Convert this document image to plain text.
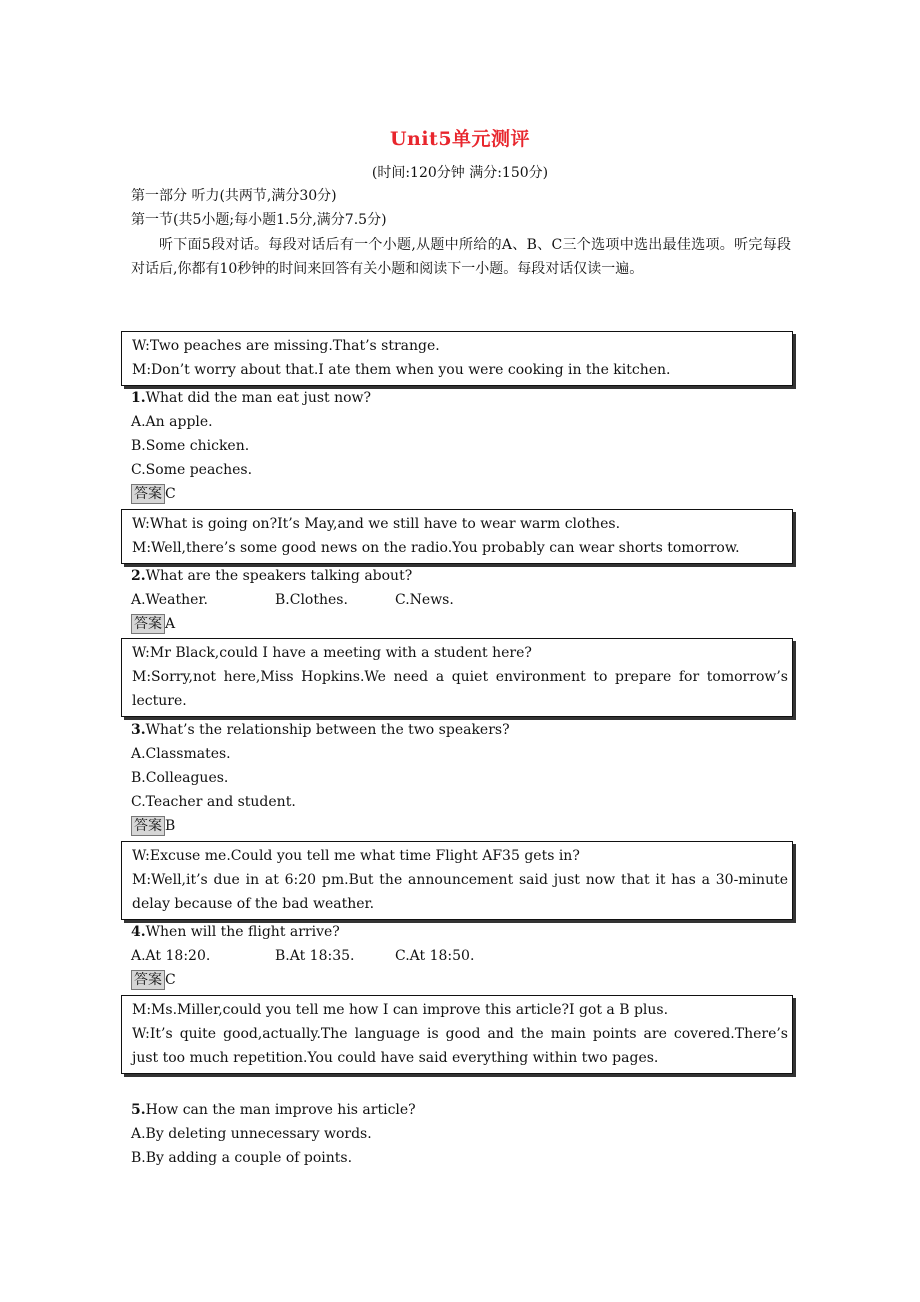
Unit5单元测评
(时间:120分钟 满分:150分)
第一部分 听力(共两节,满分30分)
第一节(共5小题;每小题1.5分,满分7.5分)
听下面5段对话。每段对话后有一个小题,从题中所给的A、B、C三个选项中选出最佳选项。听完每段对话后,你都有10秒钟的时间来回答有关小题和阅读下一小题。每段对话仅读一遍。
W:Two peaches are missing.That’s strange.
M:Don’t worry about that.I ate them when you were cooking in the kitchen.
1.What did the man eat just now?
A.An apple.
B.Some chicken.
C.Some peaches.
答案 C
W:What is going on?It’s May,and we still have to wear warm clothes.
M:Well,there’s some good news on the radio.You probably can wear shorts tomorrow.
2.What are the speakers talking about?
A.Weather.	B.Clothes.	C.News.
答案 A
W:Mr Black,could I have a meeting with a student here?
M:Sorry,not here,Miss Hopkins.We need a quiet environment to prepare for tomorrow’s lecture.
3.What’s the relationship between the two speakers?
A.Classmates.
B.Colleagues.
C.Teacher and student.
答案 B
W:Excuse me.Could you tell me what time Flight AF35 gets in?
M:Well,it’s due in at 6:20 pm.But the announcement said just now that it has a 30-minute delay because of the bad weather.
4.When will the flight arrive?
A.At 18:20.	B.At 18:35.	C.At 18:50.
答案 C
M:Ms.Miller,could you tell me how I can improve this article?I got a B plus.
W:It’s quite good,actually.The language is good and the main points are covered.There’s just too much repetition.You could have said everything within two pages.
5.How can the man improve his article?
A.By deleting unnecessary words.
B.By adding a couple of points.
